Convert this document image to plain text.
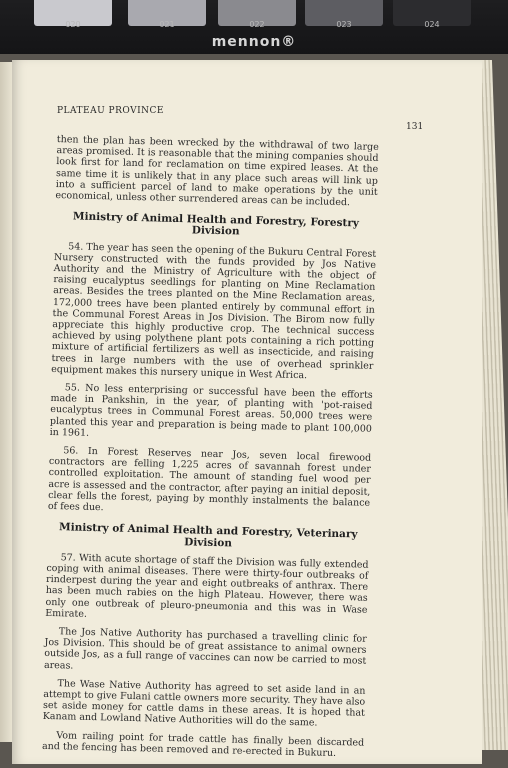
020	021	022	023	024
mennon®
PLATEAU PROVINCE
131

then the plan has been wrecked by the withdrawal of two large areas promised. It is reasonable that the mining companies should look first for land for reclamation on time expired leases. At the same time it is unlikely that in any place such areas will link up into a sufficient parcel of land to make operations by the unit economical, unless other surrendered areas can be included.

Ministry of Animal Health and Forestry, Forestry Division

54. The year has seen the opening of the Bukuru Central Forest Nursery constructed with the funds provided by Jos Native Authority and the Ministry of Agriculture with the object of raising eucalyptus seedlings for planting on Mine Reclamation areas. Besides the trees planted on the Mine Reclamation areas, 172,000 trees have been planted entirely by communal effort in the Communal Forest Areas in Jos Division. The Birom now fully appreciate this highly productive crop. The technical success achieved by using polythene plant pots containing a rich potting mixture of artificial fertilizers as well as insecticide, and raising trees in large numbers with the use of overhead sprinkler equipment makes this nursery unique in West Africa.

55. No less enterprising or successful have been the efforts made in Pankshin, in the year, of planting with 'pot-raised eucalyptus trees in Communal Forest areas. 50,000 trees were planted this year and preparation is being made to plant 100,000 in 1961.

56. In Forest Reserves near Jos, seven local firewood contractors are felling 1,225 acres of savannah forest under controlled exploitation. The amount of standing fuel wood per acre is assessed and the contractor, after paying an initial deposit, clear fells the forest, paying by monthly instalments the balance of fees due.

Ministry of Animal Health and Forestry, Veterinary Division

57. With acute shortage of staff the Division was fully extended coping with animal diseases. There were thirty-four outbreaks of rinderpest during the year and eight outbreaks of anthrax. There has been much rabies on the high Plateau. However, there was only one outbreak of pleuro-pneumonia and this was in Wase Emirate.

The Jos Native Authority has purchased a travelling clinic for Jos Division. This should be of great assistance to animal owners outside Jos, as a full range of vaccines can now be carried to most areas.

The Wase Native Authority has agreed to set aside land in an attempt to give Fulani cattle owners more security. They have also set aside money for cattle dams in these areas. It is hoped that Kanam and Lowland Native Authorities will do the same.

Vom railing point for trade cattle has finally been discarded and the fencing has been removed and re-erected in Bukuru.
